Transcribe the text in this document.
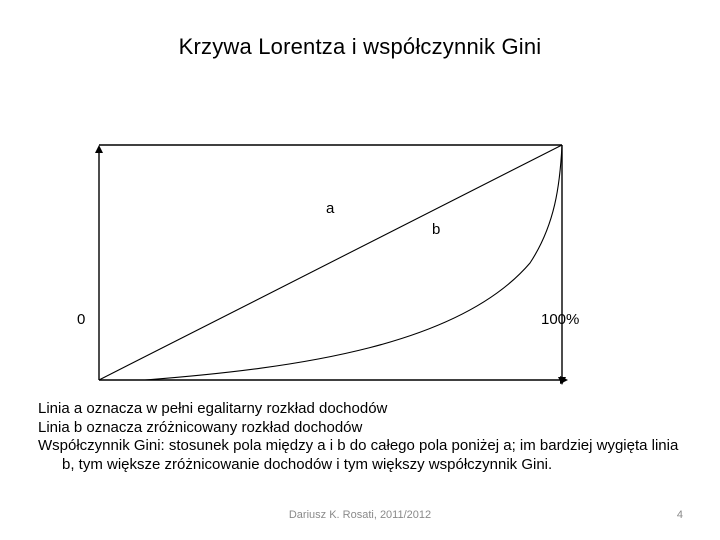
Krzywa Lorentza i współczynnik Gini
a
b
0	100%

Linia a oznacza w pełni egalitarny rozkład dochodów

Linia b oznacza zróżnicowany rozkład dochodów

Współczynnik Gini: stosunek pola między a i b do całego pola poniżej a; im bardziej wygięta linia b, tym większe zróżnicowanie dochodów i tym większy współczynnik Gini.

Dariusz K. Rosati, 2011/2012	4
